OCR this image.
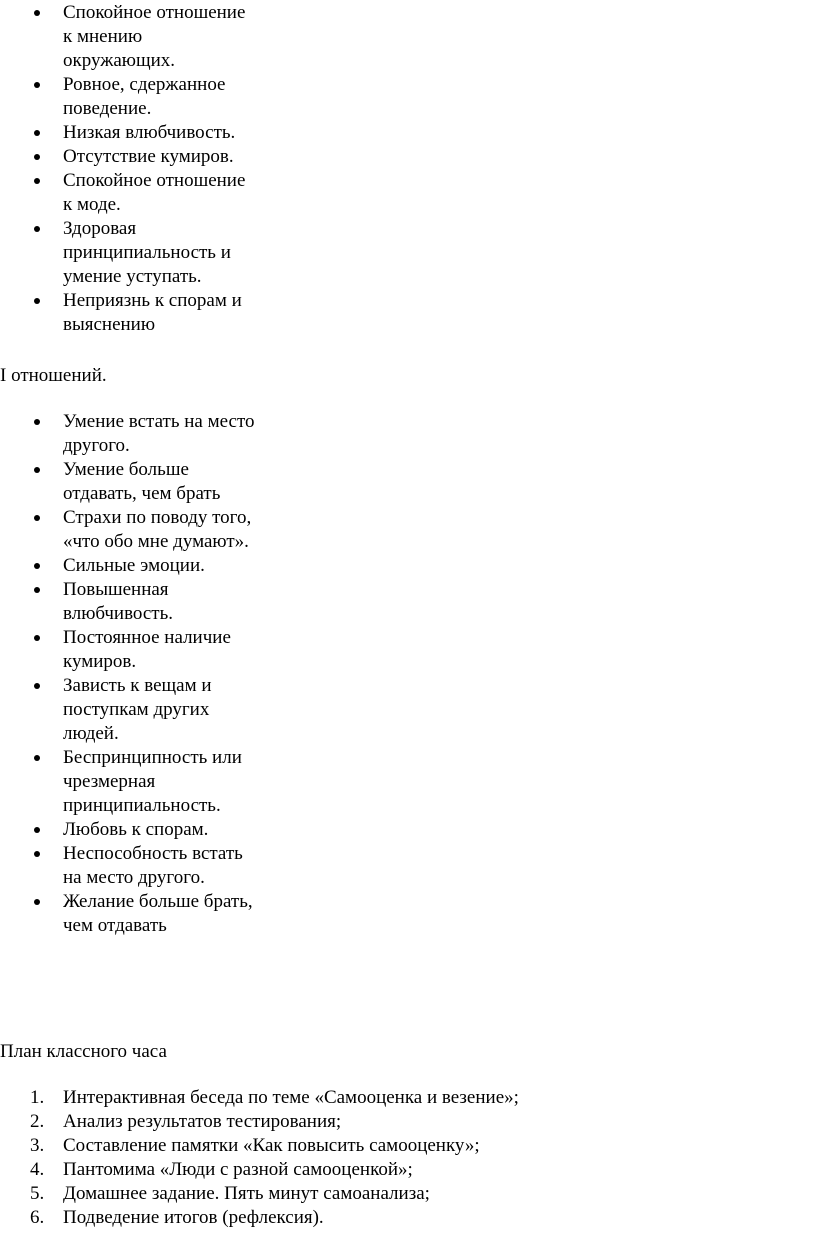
Спокойное отношение к мнению окружающих.
Ровное, сдержанное поведение.
Низкая влюбчивость.
Отсутствие кумиров.
Спокойное отношение к моде.
Здоровая принципиальность и умение уступать.
Неприязнь к спорам и выяснению

I отношений.

Умение встать на место другого.
Умение больше отдавать, чем брать
Страхи по поводу того, «что обо мне думают».
Сильные эмоции.
Повышенная влюбчивость.
Постоянное наличие кумиров.
Зависть к вещам и поступкам других людей.
Беспринципность или чрезмерная принципиальность.
Любовь к спорам.
Неспособность встать на место другого.
Желание больше брать, чем отдавать

План классного часа

1. Интерактивная беседа по теме «Самооценка и везение»;
2. Анализ результатов тестирования;
3. Составление памятки «Как повысить самооценку»;
4. Пантомима «Люди с разной самооценкой»;
5. Домашнее задание. Пять минут самоанализа;
6. Подведение итогов (рефлексия).
